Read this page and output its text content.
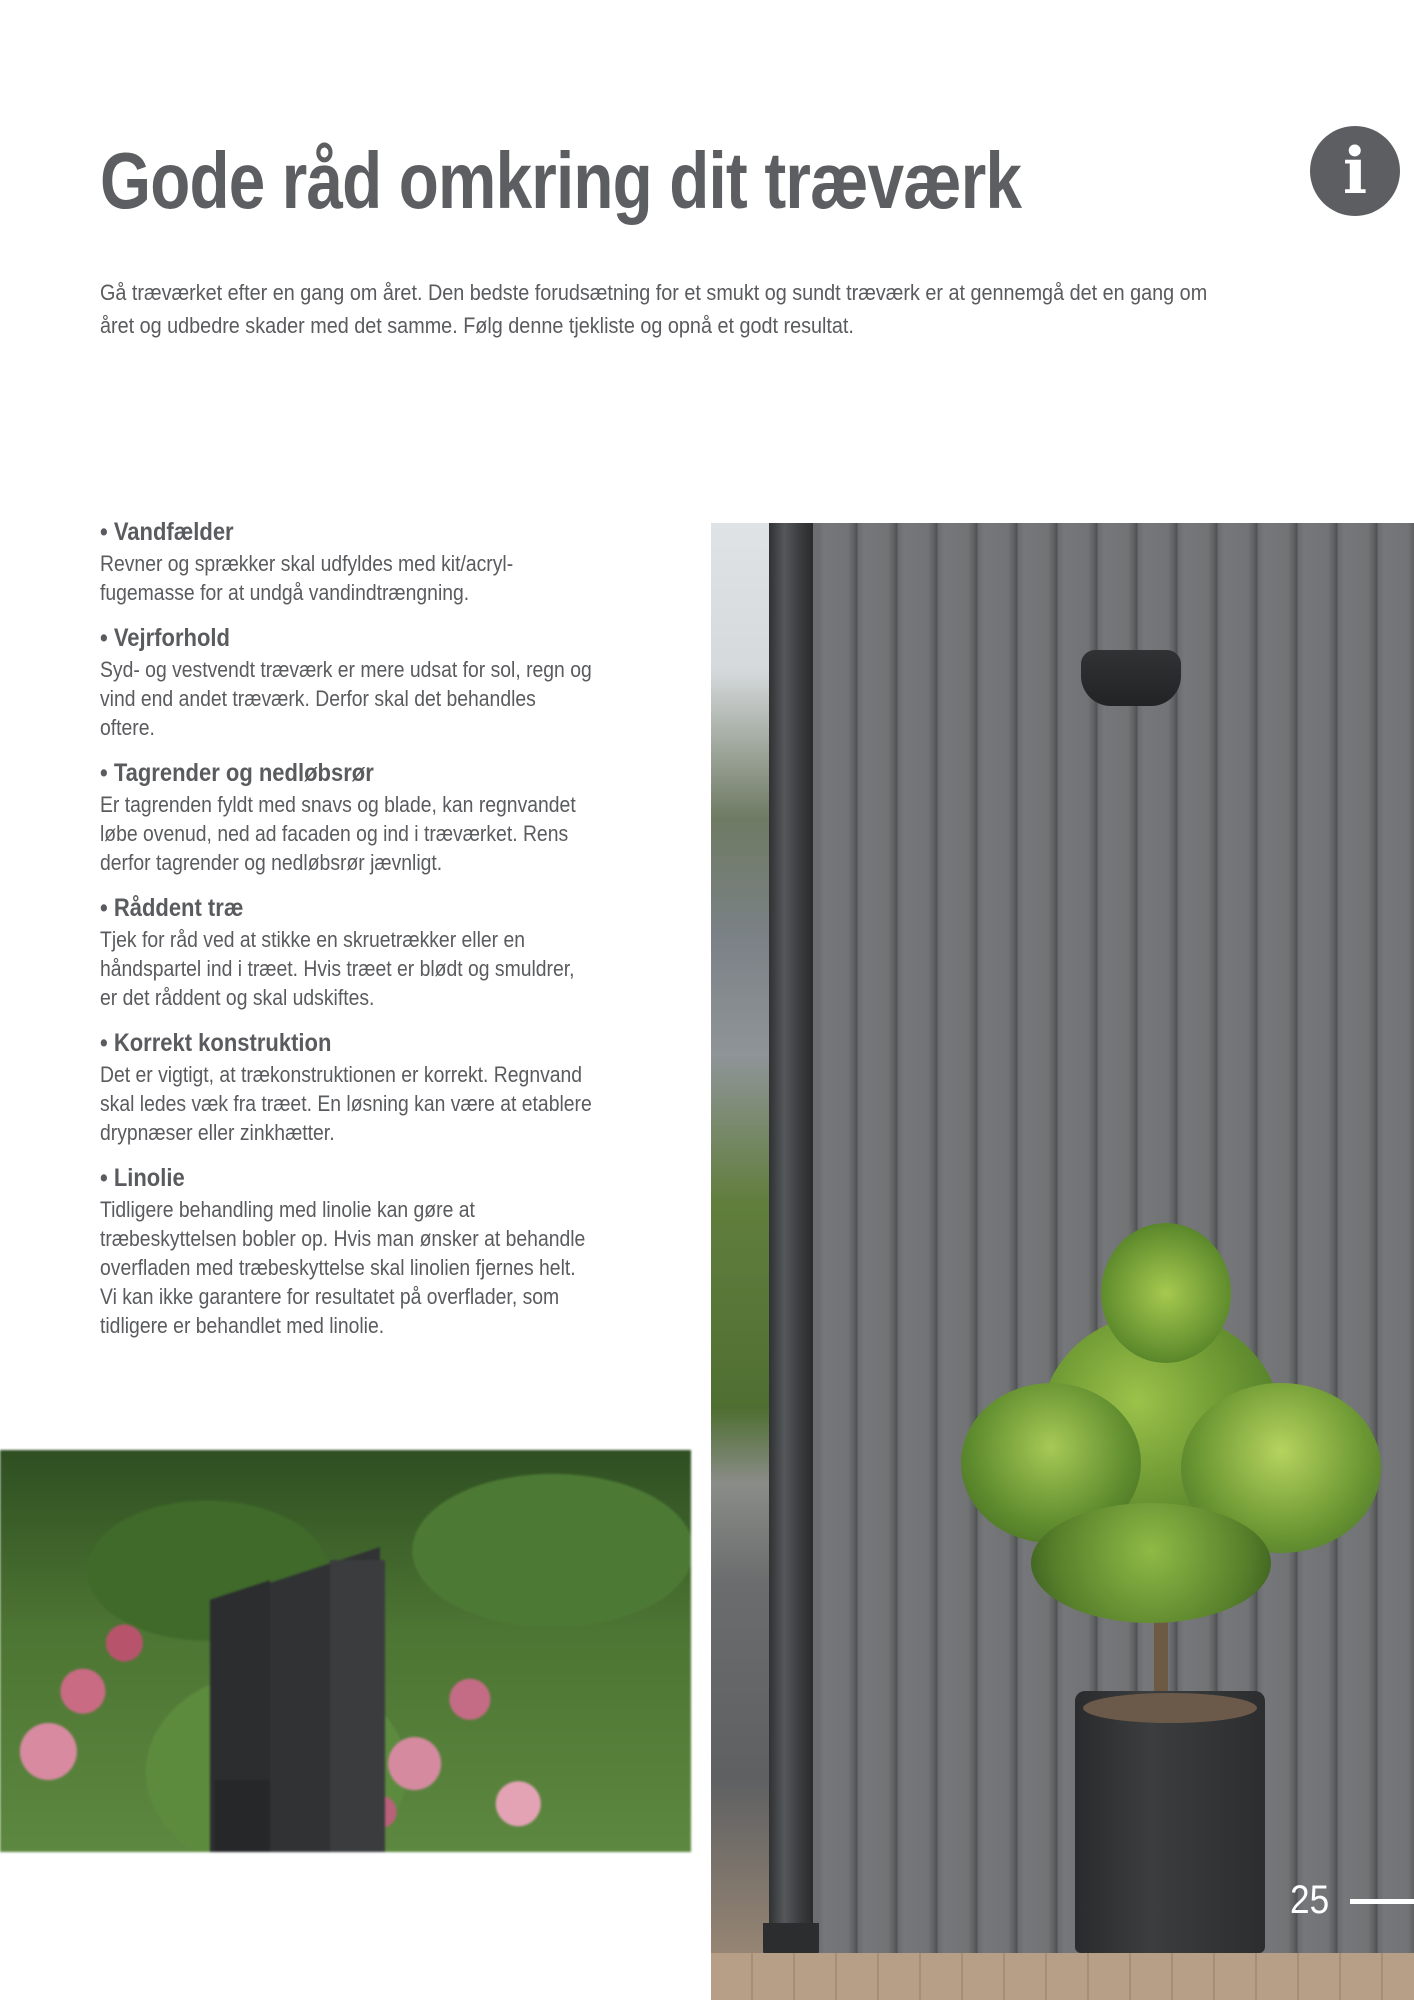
Gode råd omkring dit træværk	i

Gå træværket efter en gang om året. Den bedste forudsætning for et smukt og sundt træværk er at gennemgå det en gang om året og udbedre skader med det samme. Følg denne tjekliste og opnå et godt resultat.

• Vandfælder
Revner og sprækker skal udfyldes med kit/acryl-fugemasse for at undgå vandindtrængning.
• Vejrforhold
Syd- og vestvendt træværk er mere udsat for sol, regn og vind end andet træværk. Derfor skal det behandles oftere.
• Tagrender og nedløbsrør
Er tagrenden fyldt med snavs og blade, kan regnvandet løbe ovenud, ned ad facaden og ind i træværket. Rens derfor tagrender og nedløbsrør jævnligt.
• Råddent træ
Tjek for råd ved at stikke en skruetrækker eller en håndspartel ind i træet. Hvis træet er blødt og smuldrer, er det råddent og skal udskiftes.
• Korrekt konstruktion
Det er vigtigt, at trækonstruktionen er korrekt. Regnvand skal ledes væk fra træet. En løsning kan være at etablere drypnæser eller zinkhætter.
• Linolie
Tidligere behandling med linolie kan gøre at træbeskyttelsen bobler op. Hvis man ønsker at behandle overfladen med træbeskyttelse skal linolien fjernes helt. Vi kan ikke garantere for resultatet på overflader, som tidligere er behandlet med linolie.
25
